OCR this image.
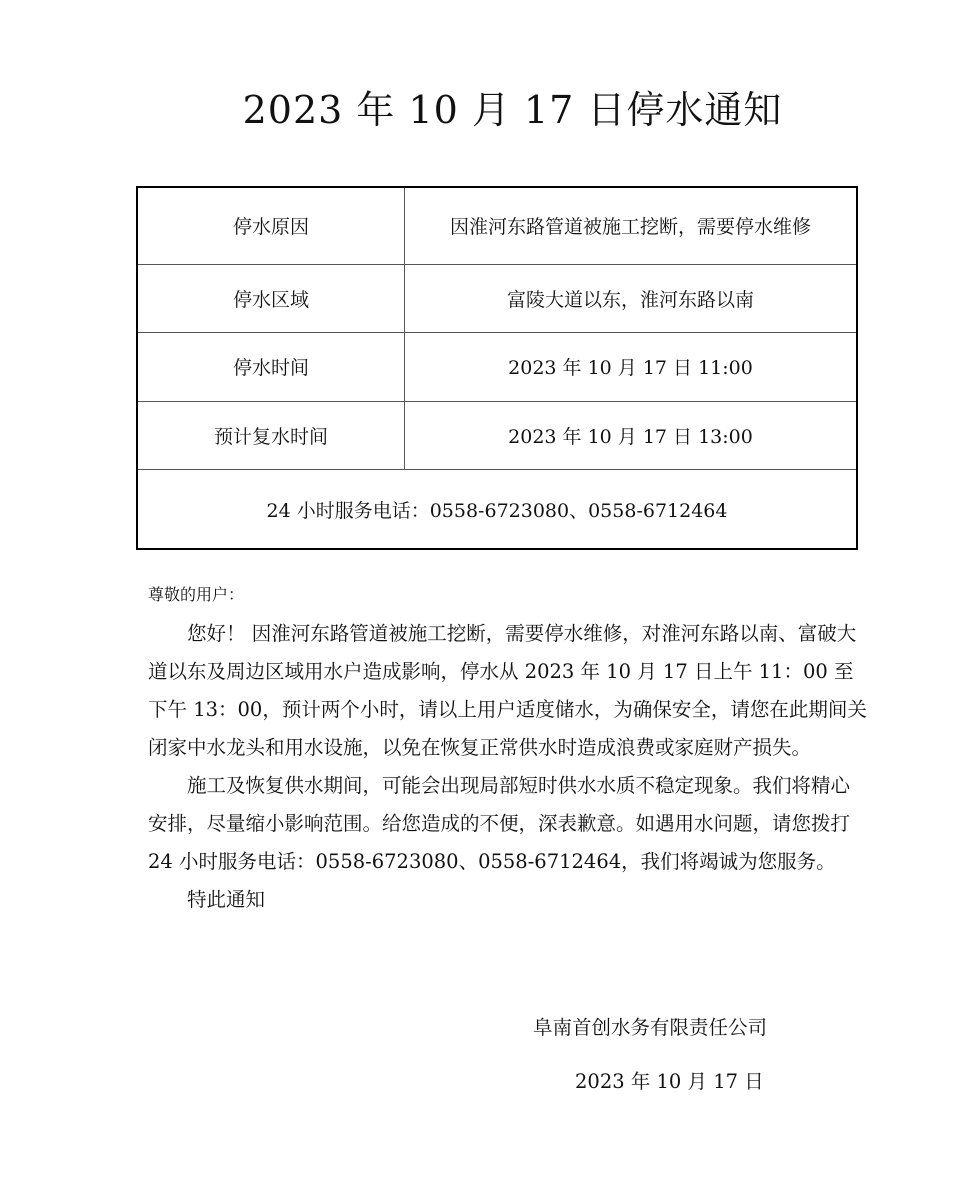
2023 年 10 月 17 日停水通知
停水原因	因淮河东路管道被施工挖断，需要停水维修
停水区域	富陵大道以东，淮河东路以南
停水时间	2023 年 10 月 17 日 11:00
预计复水时间	2023 年 10 月 17 日 13:00
24 小时服务电话：0558-6723080、0558-6712464	
尊敬的用户：

您好！ 因淮河东路管道被施工挖断，需要停水维修，对淮河东路以南、富破大道以东及周边区域用水户造成影响，停水从 2023 年 10 月 17 日上午 11：00 至下午 13：00，预计两个小时，请以上用户适度储水，为确保安全，请您在此期间关闭家中水龙头和用水设施，以免在恢复正常供水时造成浪费或家庭财产损失。

施工及恢复供水期间，可能会出现局部短时供水水质不稳定现象。我们将精心安排，尽量缩小影响范围。给您造成的不便，深表歉意。如遇用水问题，请您拨打 24 小时服务电话：0558-6723080、0558-6712464，我们将竭诚为您服务。

特此通知

阜南首创水务有限责任公司
2023 年 10 月 17 日
